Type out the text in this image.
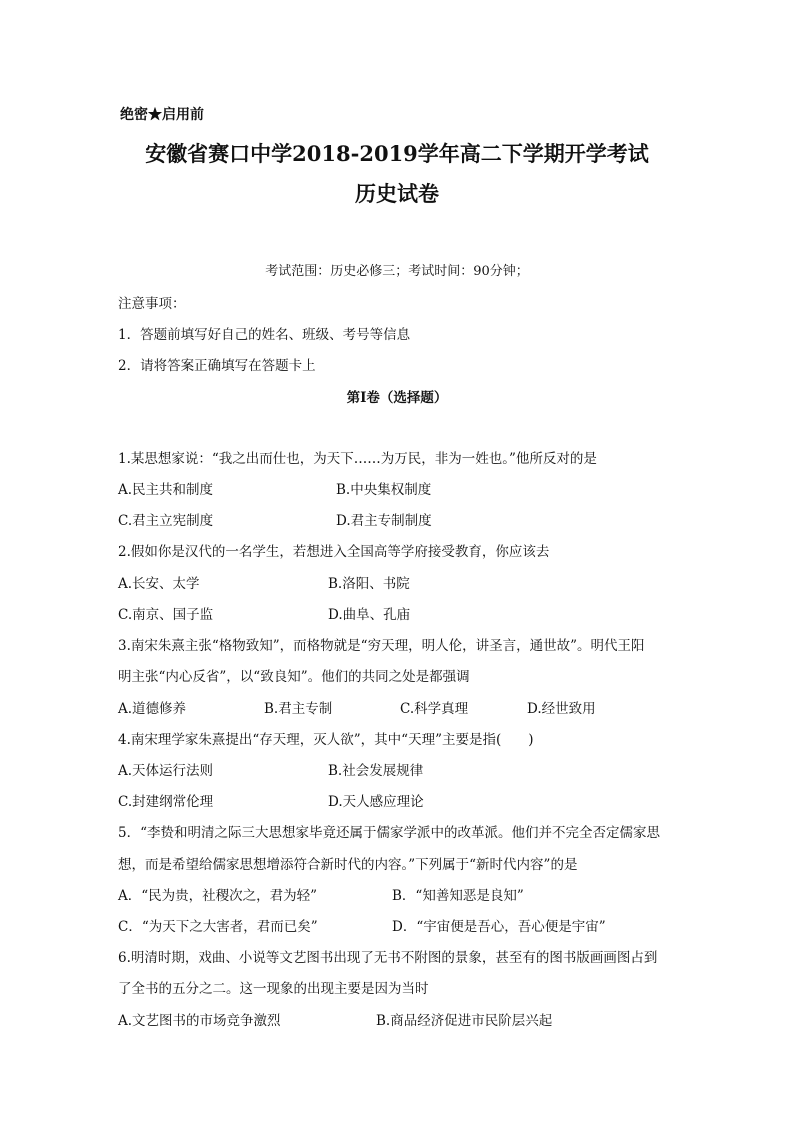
绝密★启用前
安徽省赛口中学2018-2019学年高二下学期开学考试
历史试卷
考试范围：历史必修三；考试时间：90分钟；
注意事项：
1．答题前填写好自己的姓名、班级、考号等信息
2．请将答案正确填写在答题卡上
第I卷（选择题）
1.某思想家说：“我之出而仕也，为天下……为万民，非为一姓也。”他所反对的是
A.民主共和制度	B.中央集权制度
C.君主立宪制度	D.君主专制制度
2.假如你是汉代的一名学生，若想进入全国高等学府接受教育，你应该去
A.长安、太学	B.洛阳、书院
C.南京、国子监	D.曲阜、孔庙
3.南宋朱熹主张“格物致知”，而格物就是“穷天理，明人伦，讲圣言，通世故”。明代王阳
明主张“内心反省”，以“致良知”。他们的共同之处是都强调
A.道德修养	B.君主专制	C.科学真理	D.经世致用
4.南宋理学家朱熹提出“存天理，灭人欲”，其中“天理”主要是指(　　)
A.天体运行法则	B.社会发展规律
C.封建纲常伦理	D.天人感应理论
5．“李贽和明清之际三大思想家毕竟还属于儒家学派中的改革派。他们并不完全否定儒家思
想，而是希望给儒家思想增添符合新时代的内容。”下列属于“新时代内容”的是
A．“民为贵，社稷次之，君为轻”	B．“知善知恶是良知”
C．“为天下之大害者，君而已矣”	D．“宇宙便是吾心，吾心便是宇宙”
6.明清时期，戏曲、小说等文艺图书出现了无书不附图的景象，甚至有的图书版画画图占到
了全书的五分之二。这一现象的出现主要是因为当时
A.文艺图书的市场竞争激烈	B.商品经济促进市民阶层兴起
